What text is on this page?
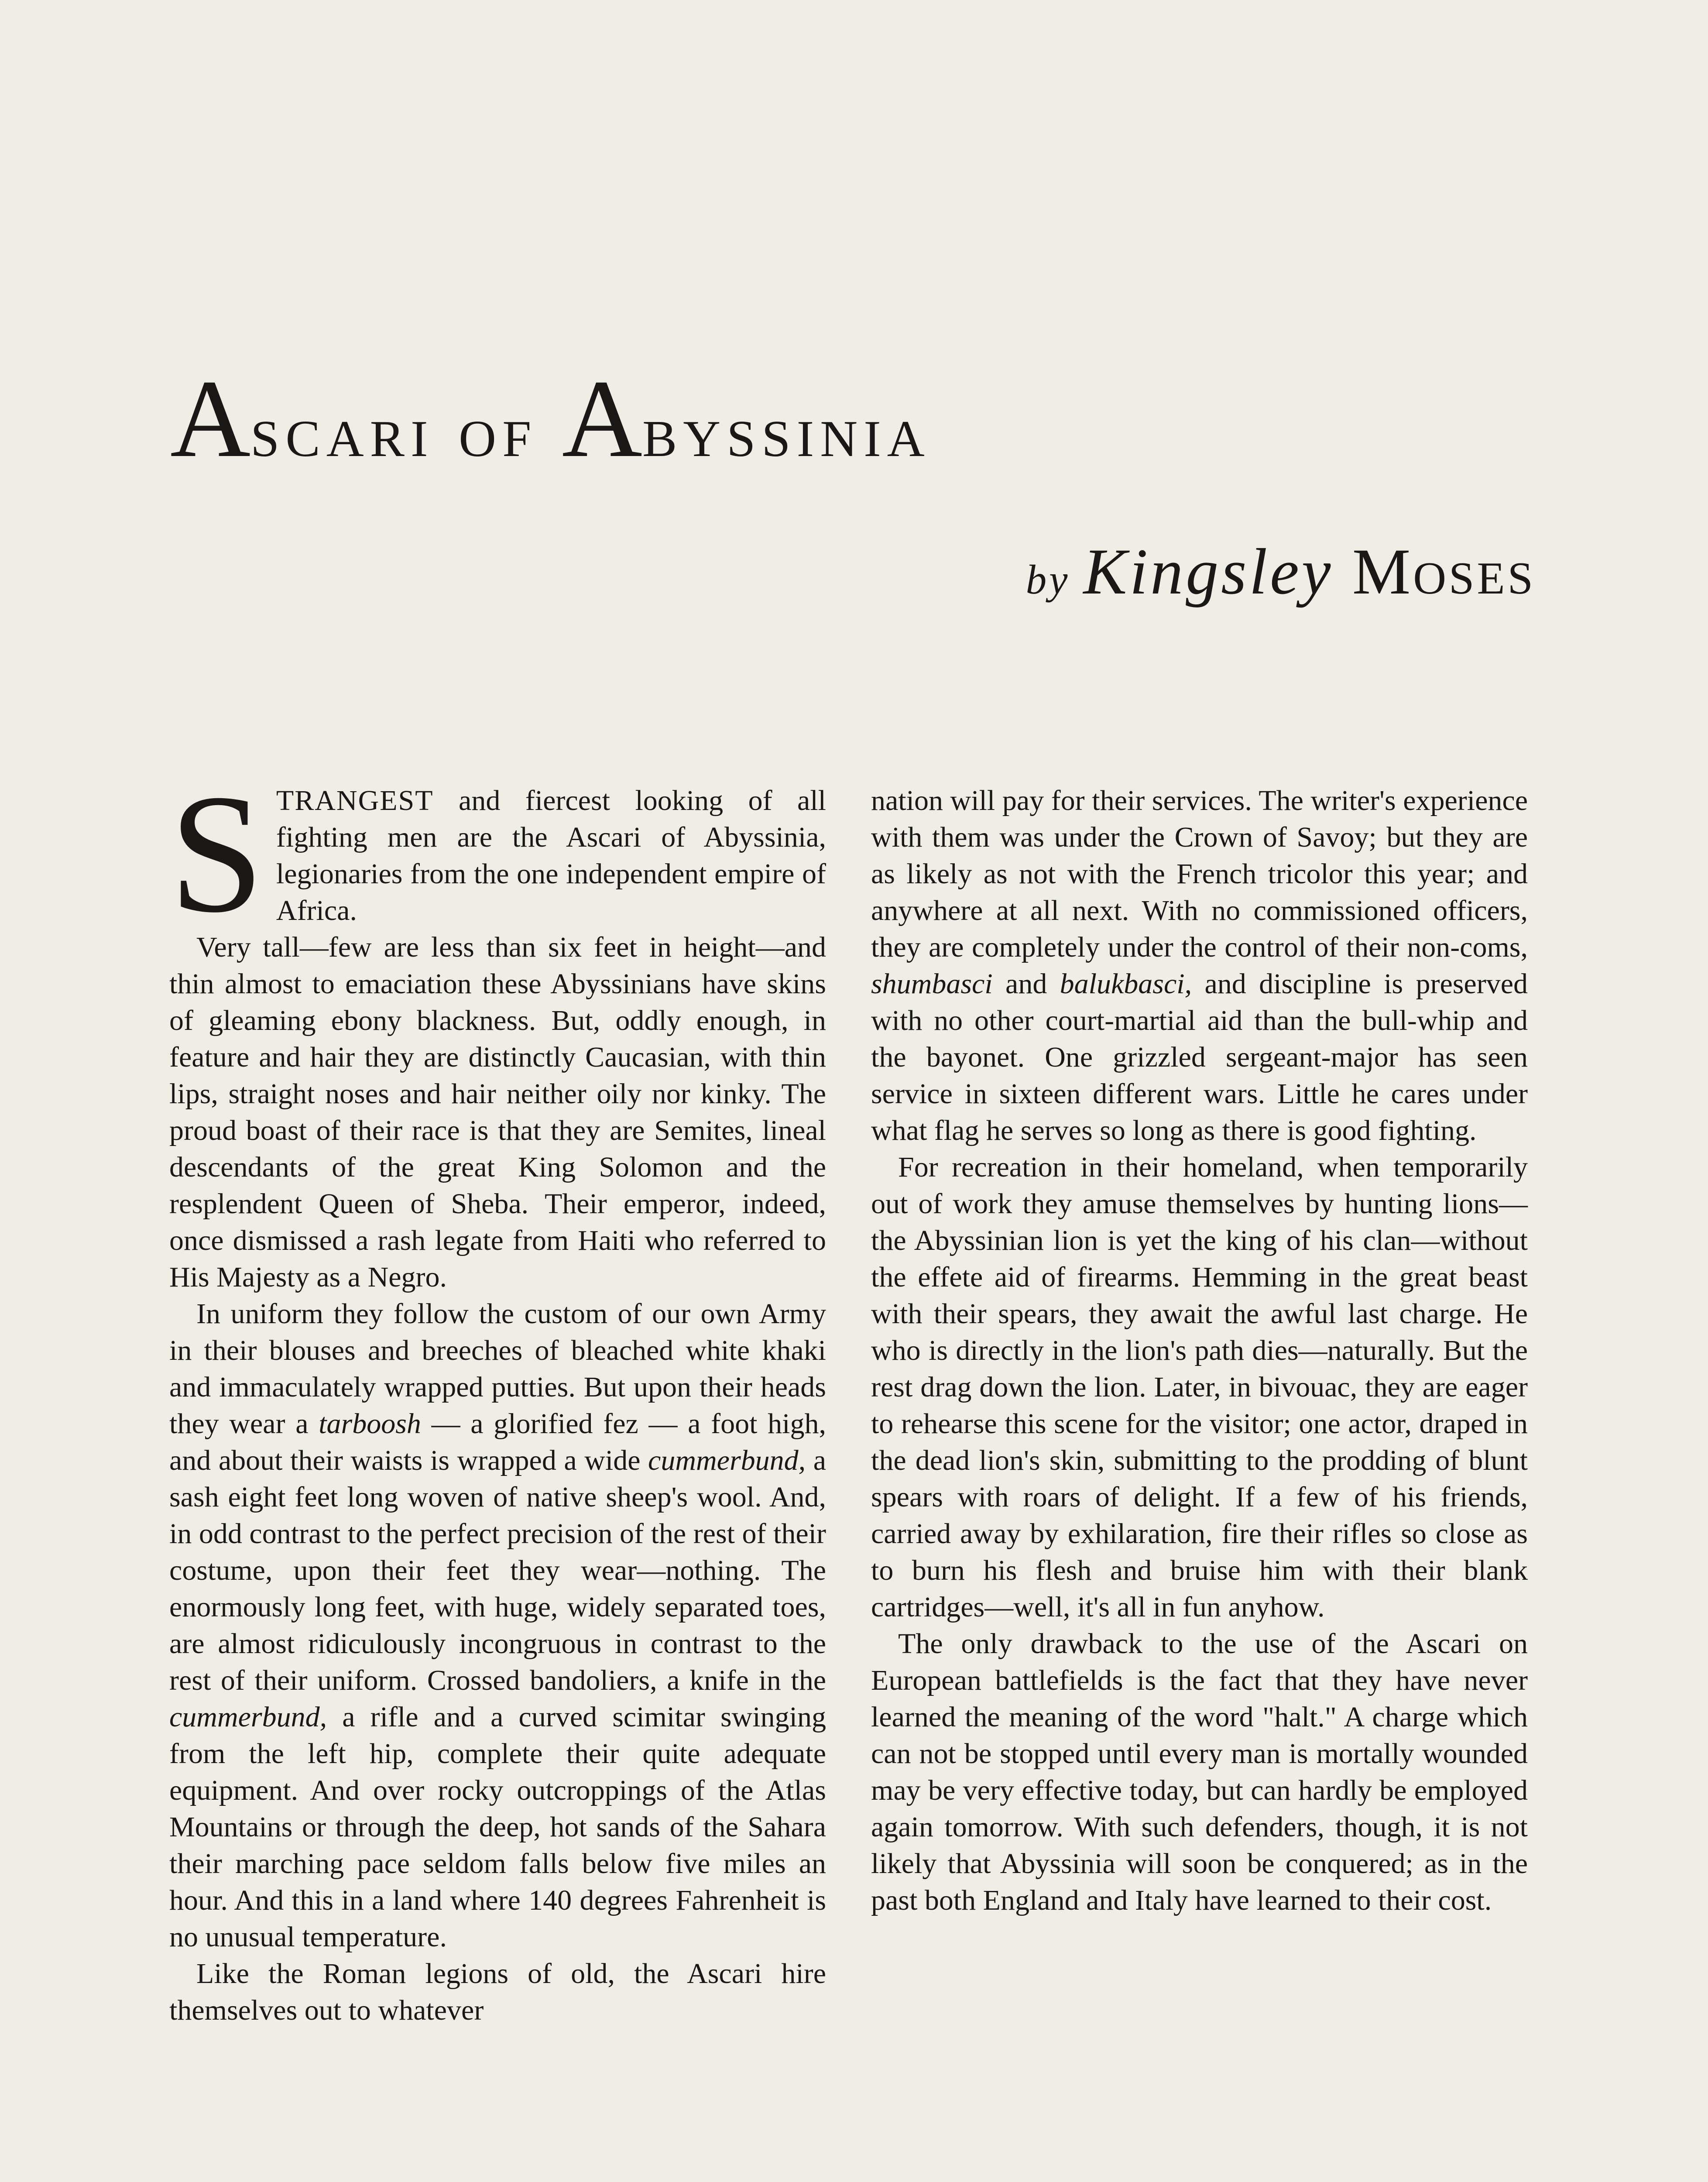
Ascari of Abyssinia

by Kingsley Moses

STRANGEST and fiercest looking of all fighting men are the Ascari of Abyssinia, legionaries from the one independent empire of Africa.

Very tall—few are less than six feet in height—and thin almost to emaciation these Abyssinians have skins of gleaming ebony blackness. But, oddly enough, in feature and hair they are distinctly Caucasian, with thin lips, straight noses and hair neither oily nor kinky. The proud boast of their race is that they are Semites, lineal descendants of the great King Solomon and the resplendent Queen of Sheba. Their emperor, indeed, once dismissed a rash legate from Haiti who referred to His Majesty as a Negro.

In uniform they follow the custom of our own Army in their blouses and breeches of bleached white khaki and immaculately wrapped putties. But upon their heads they wear a tarboosh — a glorified fez — a foot high, and about their waists is wrapped a wide cummerbund, a sash eight feet long woven of native sheep's wool. And, in odd contrast to the perfect precision of the rest of their costume, upon their feet they wear—nothing. The enormously long feet, with huge, widely separated toes, are almost ridiculously incongruous in contrast to the rest of their uniform. Crossed bandoliers, a knife in the cummerbund, a rifle and a curved scimitar swinging from the left hip, complete their quite adequate equipment. And over rocky outcroppings of the Atlas Mountains or through the deep, hot sands of the Sahara their marching pace seldom falls below five miles an hour. And this in a land where 140 degrees Fahrenheit is no unusual temperature.

Like the Roman legions of old, the Ascari hire themselves out to whatever

nation will pay for their services. The writer's experience with them was under the Crown of Savoy; but they are as likely as not with the French tricolor this year; and anywhere at all next. With no commissioned officers, they are completely under the control of their non-coms, shumbasci and balukbasci, and discipline is preserved with no other court-martial aid than the bull-whip and the bayonet. One grizzled sergeant-major has seen service in sixteen different wars. Little he cares under what flag he serves so long as there is good fighting.

For recreation in their homeland, when temporarily out of work they amuse themselves by hunting lions—the Abyssinian lion is yet the king of his clan—without the effete aid of firearms. Hemming in the great beast with their spears, they await the awful last charge. He who is directly in the lion's path dies—naturally. But the rest drag down the lion. Later, in bivouac, they are eager to rehearse this scene for the visitor; one actor, draped in the dead lion's skin, submitting to the prodding of blunt spears with roars of delight. If a few of his friends, carried away by exhilaration, fire their rifles so close as to burn his flesh and bruise him with their blank cartridges—well, it's all in fun anyhow.

The only drawback to the use of the Ascari on European battlefields is the fact that they have never learned the meaning of the word "halt." A charge which can not be stopped until every man is mortally wounded may be very effective today, but can hardly be employed again tomorrow. With such defenders, though, it is not likely that Abyssinia will soon be conquered; as in the past both England and Italy have learned to their cost.
